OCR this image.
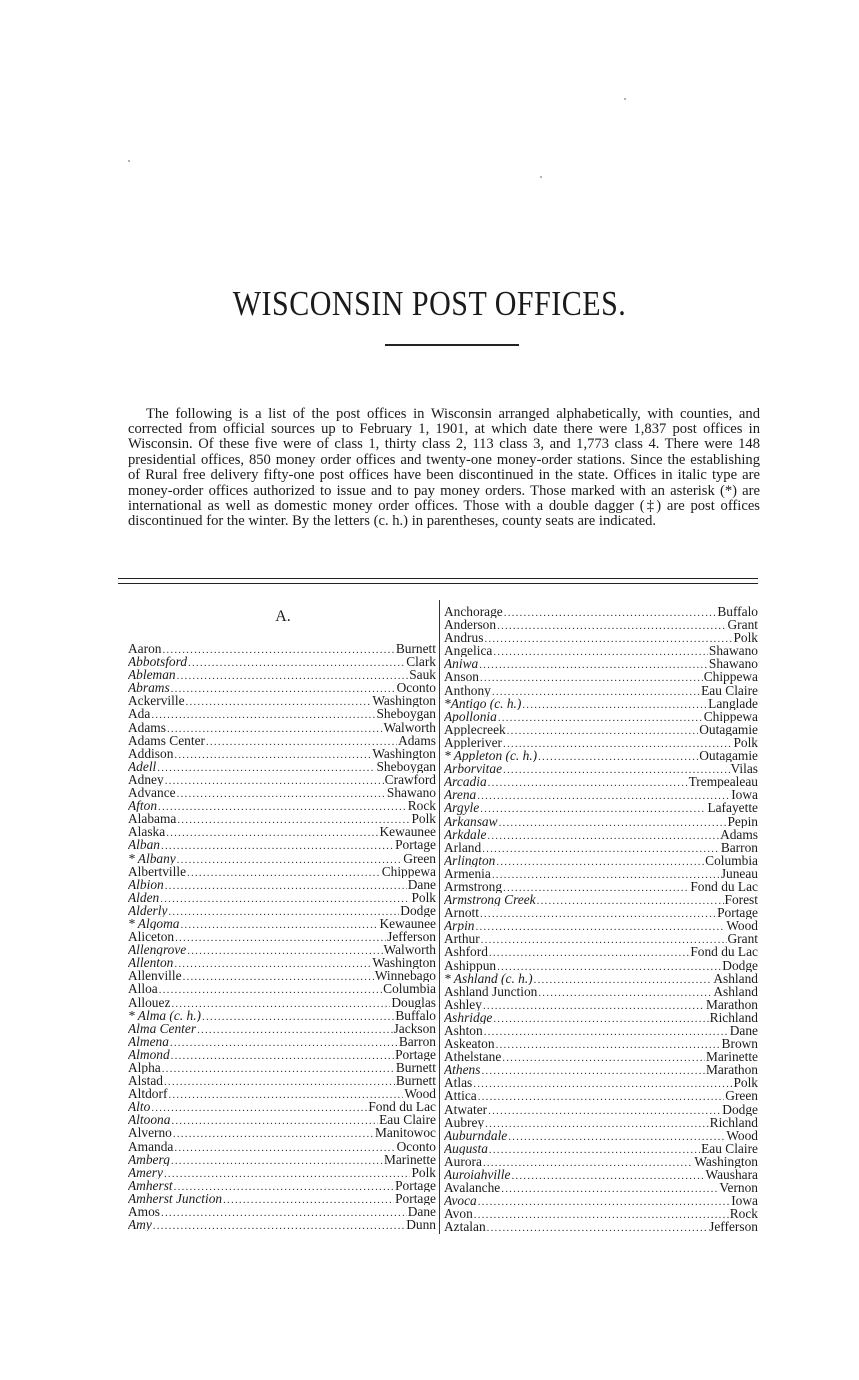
WISCONSIN POST OFFICES.

The following is a list of the post offices in Wisconsin arranged alphabetically, with counties, and corrected from official sources up to February 1, 1901, at which date there were 1,837 post offices in Wisconsin. Of these five were of class 1, thirty class 2, 113 class 3, and 1,773 class 4. There were 148 presidential offices, 850 money order offices and twenty-one money-order stations. Since the establishing of Rural free delivery fifty-one post offices have been discontinued in the state. Offices in italic type are money-order offices authorized to issue and to pay money orders. Those marked with an asterisk (*) are international as well as domestic money order offices. Those with a double dagger (‡) are post offices discontinued for the winter. By the letters (c. h.) in parentheses, county seats are indicated.

A.
Aaron .....	Burnett
Abbotsford .....	Clark
Ableman .....	Sauk
Abrams .....	Oconto
Ackerville .....	Washington
Ada .....	Sheboygan
Adams .....	Walworth
Adams Center .....	Adams
Addison .....	Washington
Adell .....	Sheboygan
Adney .....	Crawford
Advance .....	Shawano
Afton .....	Rock
Alabama .....	Polk
Alaska .....	Kewaunee
Alban .....	Portage
* Albany .....	Green
Albertville .....	Chippewa
Albion .....	Dane
Alden .....	Polk
Alderly .....	Dodge
* Algoma .....	Kewaunee
Aliceton .....	Jefferson
Allengrove .....	Walworth
Allenton .....	Washington
Allenville .....	Winnebago
Alloa .....	Columbia
Allouez .....	Douglas
* Alma (c. h.) .....	Buffalo
Alma Center .....	Jackson
Almena .....	Barron
Almond .....	Portage
Alpha .....	Burnett
Alstad .....	Burnett
Altdorf .....	Wood
Alto .....	Fond du Lac
Altoona .....	Eau Claire
Alverno .....	Manitowoc
Amanda .....	Oconto
Amberg .....	Marinette
Amery .....	Polk
Amherst .....	Portage
Amherst Junction .....	Portage
Amos .....	Dane
Amy .....	Dunn
Anchorage .....	Buffalo
Anderson .....	Grant
Andrus .....	Polk
Angelica .....	Shawano
Aniwa .....	Shawano
Anson .....	Chippewa
Anthony .....	Eau Claire
*Antigo (c. h.) .....	Langlade
Apollonia .....	Chippewa
Applecreek .....	Outagamie
Appleriver .....	Polk
* Appleton (c. h.) .....	Outagamie
Arborvitae .....	Vilas
Arcadia .....	Trempealeau
Arena .....	Iowa
Argyle .....	Lafayette
Arkansaw .....	Pepin
Arkdale .....	Adams
Arland .....	Barron
Arlington .....	Columbia
Armenia .....	Juneau
Armstrong .....	Fond du Lac
Armstrong Creek .....	Forest
Arnott .....	Portage
Arpin .....	Wood
Arthur .....	Grant
Ashford .....	Fond du Lac
Ashippun .....	Dodge
* Ashland (c. h.) .....	Ashland
Ashland Junction .....	Ashland
Ashley .....	Marathon
Ashridge .....	Richland
Ashton .....	Dane
Askeaton .....	Brown
Athelstane .....	Marinette
Athens .....	Marathon
Atlas .....	Polk
Attica .....	Green
Atwater .....	Dodge
Aubrey .....	Richland
Auburndale .....	Wood
Augusta .....	Eau Claire
Aurora .....	Washington
Auroiahville .....	Waushara
Avalanche .....	Vernon
Avoca .....	Iowa
Avon .....	Rock
Aztalan .....	Jefferson
